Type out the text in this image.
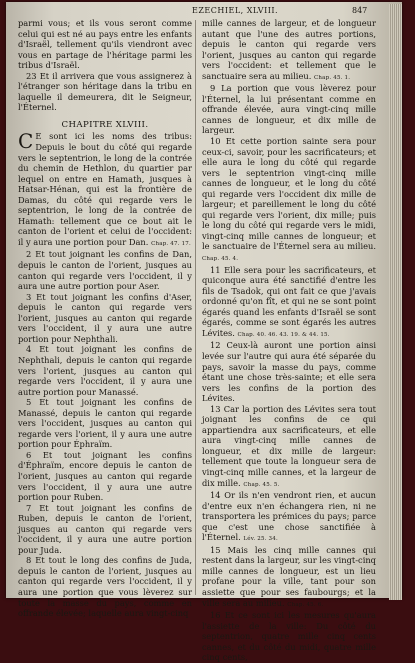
EZECHIEL, XLVIII.	847

parmi vous; et ils vous seront comme celui qui est né au pays entre les enfants d'Israël, tellement qu'ils viendront avec vous en partage de l'héritage parmi les tribus d'Israël.

23 Et il arrivera que vous assignerez à l'étranger son héritage dans la tribu en laquelle il demeurera, dit le Seigneur, l'Éternel.

CHAPITRE XLVIII.

C E sont ici les noms des tribus: Depuis le bout du côté qui regarde vers le septentrion, le long de la contrée du chemin de Hethlon, du quartier par lequel on entre en Hamath, jusques à Hatsar-Hénan, qui est la frontière de Damas, du côté qui regarde vers le septentrion, le long de la contrée de Hamath: tellement que ce bout ait le canton de l'orient et celui de l'occident: il y aura une portion pour Dan. Chap. 47. 17.

2 Et tout joignant les confins de Dan, depuis le canton de l'orient, jusques au canton qui regarde vers l'occident, il y aura une autre portion pour Aser.

3 Et tout joignant les confins d'Aser, depuis le canton qui regarde vers l'orient, jusques au canton qui regarde vers l'occident, il y aura une autre portion pour Nephthali.

4 Et tout joignant les confins de Nephthali, depuis le canton qui regarde vers l'orient, jusques au canton qui regarde vers l'occident, il y aura une autre portion pour Manassé.

5 Et tout joignant les confins de Manassé, depuis le canton qui regarde vers l'occident, jusques au canton qui regarde vers l'orient, il y aura une autre portion pour Éphraïm.

6 Et tout joignant les confins d'Éphraïm, encore depuis le canton de l'orient, jusques au canton qui regarde vers l'occident, il y aura une autre portion pour Ruben.

7 Et tout joignant les confins de Ruben, depuis le canton de l'orient, jusques au canton qui regarde vers l'occident, il y aura une autre portion pour Juda.

8 Et tout le long des confins de Juda, depuis le canton de l'orient, jusques au canton qui regarde vers l'occident, il y aura une portion que vous lèverez sur toute la masse du pays, comme en offrande élevée; laquelle aura vingt-cinq

mille cannes de largeur, et de longueur autant que l'une des autres portions, depuis le canton qui regarde vers l'orient, jusques au canton qui regarde vers l'occident: et tellement que le sanctuaire sera au milieu. Chap. 45. 1.

9 La portion que vous lèverez pour l'Éternel, la lui présentant comme en offrande élevée, aura vingt-cinq mille cannes de longueur, et dix mille de largeur.

10 Et cette portion sainte sera pour ceux-ci, savoir, pour les sacrificateurs; et elle aura le long du côté qui regarde vers le septentrion vingt-cinq mille cannes de longueur, et le long du côté qui regarde vers l'occident dix mille de largeur; et pareillement le long du côté qui regarde vers l'orient, dix mille; puis le long du côté qui regarde vers le midi, vingt-cinq mille cannes de longueur; et le sanctuaire de l'Éternel sera au milieu. Chap. 45. 4.

11 Elle sera pour les sacrificateurs, et quiconque aura été sanctifié d'entre les fils de Tsadok, qui ont fait ce que j'avais ordonné qu'on fît, et qui ne se sont point égarés quand les enfants d'Israël se sont égarés, comme se sont égarés les autres Lévites. Chap. 40. 46. 43. 19. & 44. 15.

12 Ceux-là auront une portion ainsi levée sur l'autre qui aura été séparée du pays, savoir la masse du pays, comme étant une chose très-sainte; et elle sera vers les confins de la portion des Lévites.

13 Car la portion des Lévites sera tout joignant les confins de ce qui appartiendra aux sacrificateurs, et elle aura vingt-cinq mille cannes de longueur, et dix mille de largeur: tellement que toute la longueur sera de vingt-cinq mille cannes, et la largeur de dix mille. Chap. 45. 5.

14 Or ils n'en vendront rien, et aucun d'entre eux n'en échangera rien, ni ne transportera les prémices du pays; parce que c'est une chose sanctifiée à l'Éternel. Lév. 25. 34.

15 Mais les cinq mille cannes qui restent dans la largeur, sur les vingt-cinq mille cannes de longueur, est un lieu profane pour la ville, tant pour son assiette que pour ses faubourgs; et la ville sera au milieu. Chap. 45. 6.

16 Et ce sont ici les mesures qu'aura l'assiette de la ville: Du côté du septentrion, quatre mille cinq cents cannes, et du côté du midi, quatre mille cinq cents,
